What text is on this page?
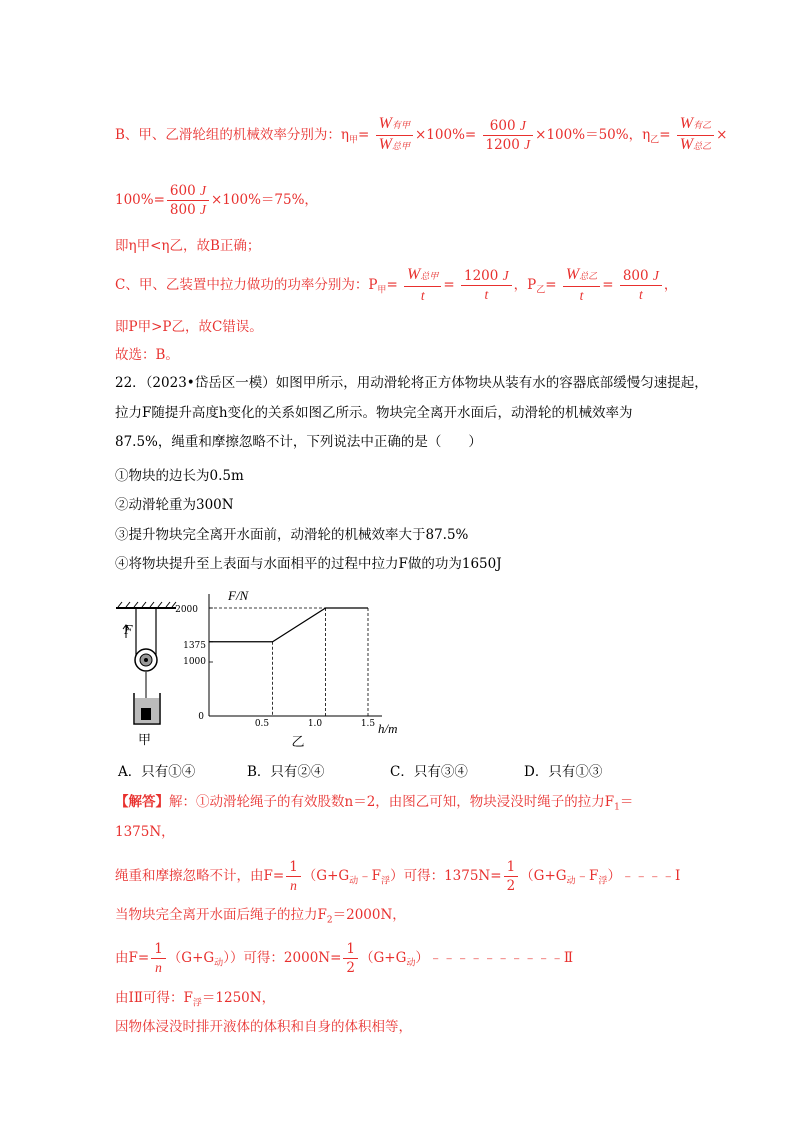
B、甲、乙滑轮组的机械效率分别为：$\eta_甲= \frac{\text{W有甲}}{\text{W总甲}} \times 100\%= \frac{600 J}{1200 J} \times 100\%=50\%$，$\eta_乙= \frac{\text{W有乙}}{\text{W总乙}}$ ×
$100\%= \frac{600 J}{800 J} \times 100\%=75\%$，
即η甲<η乙，故B正确；
C、甲、乙装置中拉力做功的功率分别为：$P_甲= \frac{\text{W总甲}}{t} = \frac{1200 J}{t}$ ，$P_乙= \frac{\text{W总乙}}{t} = \frac{800 J}{t}$ ，
即P甲>P乙，故C错误。
故选：B。
22．（2023•岱岳区一模）如图甲所示，用动滑轮将正方体物块从装有水的容器底部缓慢匀速提起，
拉力F随提升高度h变化的关系如图乙所示。物块完全离开水面后，动滑轮的机械效率为
87.5%，绳重和摩擦忽略不计，下列说法中正确的是（　　）
①物块的边长为0.5m
②动滑轮重为300N
③提升物块完全离开水面前，动滑轮的机械效率大于87.5%
④将物块提升至上表面与水面相平的过程中拉力F做的功为1650J
F
甲
F/N
h/m
2000
1375
1000
0
0.5	1.0	1.5
乙
A．只有①④	B．只有②④	C．只有③④	D．只有①③
【解答】解：①动滑轮绳子的有效股数n＝2，由图乙可知，物块浸没时绳子的拉力$F_1=$
1375N，
绳重和摩擦忽略不计，由$F= \frac{1}{n}$ $(G+G_动﹣F_浮)$可得：$1375N= \frac{1}{2}$ $(G+G_动﹣F_浮)﹣﹣﹣﹣Ⅰ$
当物块完全离开水面后绳子的拉力$F_2=2000N$，
由$F= \frac{1}{n} (G+G_动)$）可得：$2000N= \frac{1}{2}$ $(G+G_动)﹣﹣﹣﹣﹣﹣﹣﹣﹣﹣Ⅱ$
由ⅠⅡ可得：$F_浮=1250N$，
因物体浸没时排开液体的体积和自身的体积相等，
